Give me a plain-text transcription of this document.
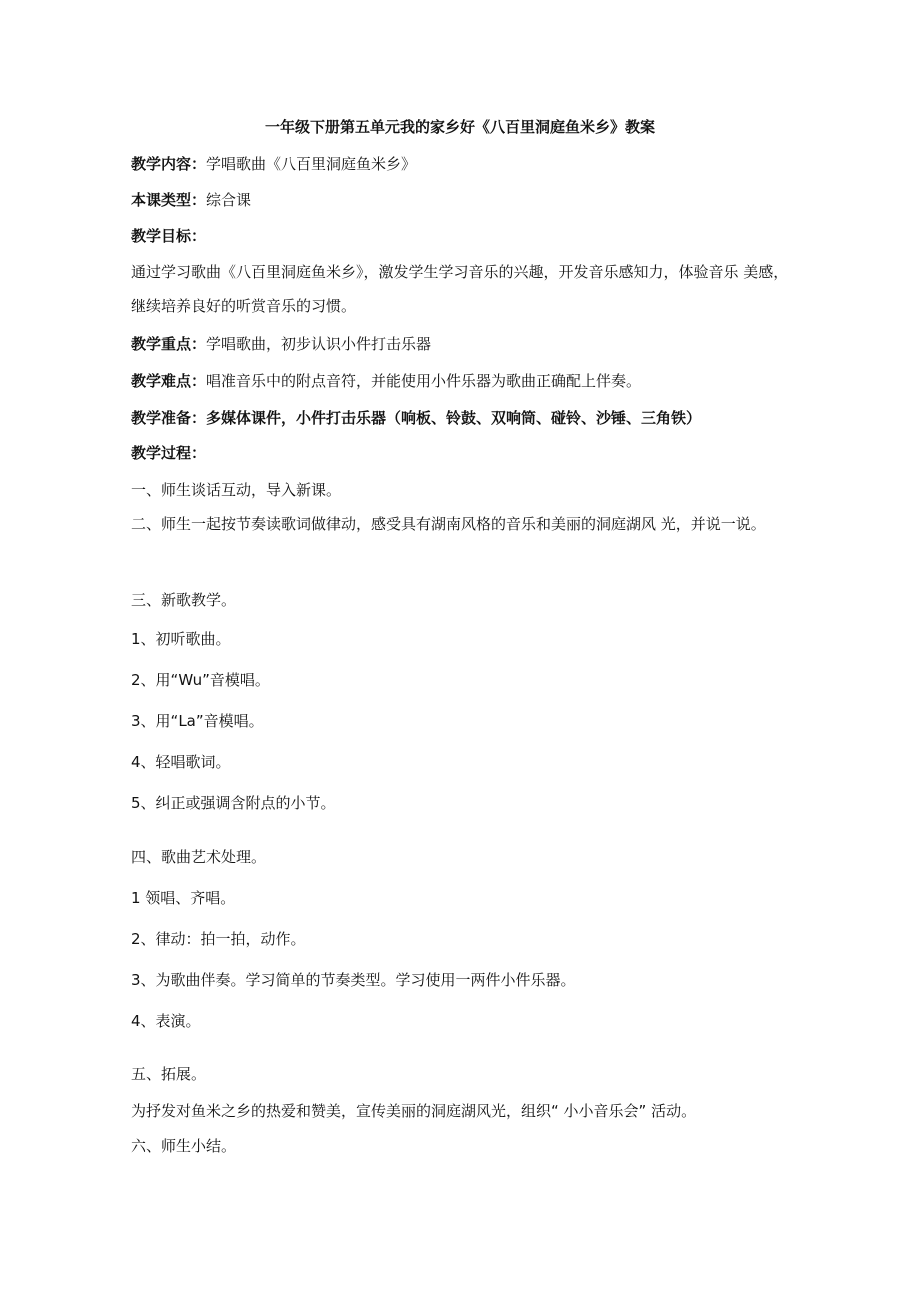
一年级下册第五单元我的家乡好《八百里洞庭鱼米乡》教案
教学内容：学唱歌曲《八百里洞庭鱼米乡》
本课类型：综合课
教学目标：
通过学习歌曲《八百里洞庭鱼米乡》，激发学生学习音乐的兴趣，开发音乐感知力，体验音乐 美感，继续培养良好的听赏音乐的习惯。
教学重点：学唱歌曲，初步认识小件打击乐器
教学难点：唱准音乐中的附点音符，并能使用小件乐器为歌曲正确配上伴奏。
教学准备：多媒体课件，小件打击乐器（响板、铃鼓、双响筒、碰铃、沙锤、三角铁）
教学过程：
一、师生谈话互动，导入新课。
二、师生一起按节奏读歌词做律动，感受具有湖南风格的音乐和美丽的洞庭湖风 光，并说一说。
三、新歌教学。
1、初听歌曲。
2、用“Wu”音模唱。
3、用“La”音模唱。
4、轻唱歌词。
5、纠正或强调含附点的小节。
四、歌曲艺术处理。
1 领唱、齐唱。
2、律动：拍一拍，动作。
3、为歌曲伴奏。学习简单的节奏类型。学习使用一两件小件乐器。
4、表演。
五、拓展。
为抒发对鱼米之乡的热爱和赞美，宣传美丽的洞庭湖风光，组织“ 小小音乐会” 活动。
六、师生小结。
